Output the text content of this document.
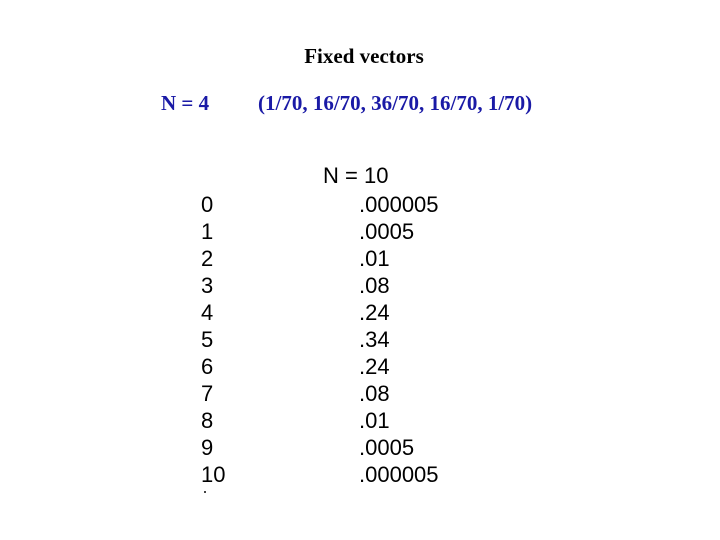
Fixed vectors
N = 4 (1/70, 16/70, 36/70, 16/70, 1/70)
N = 10
0
1
2
3
4
5
6
7
8
9
10
.000005
.0005
.01
.08
.24
.34
.24
.08
.01
.0005
.000005
